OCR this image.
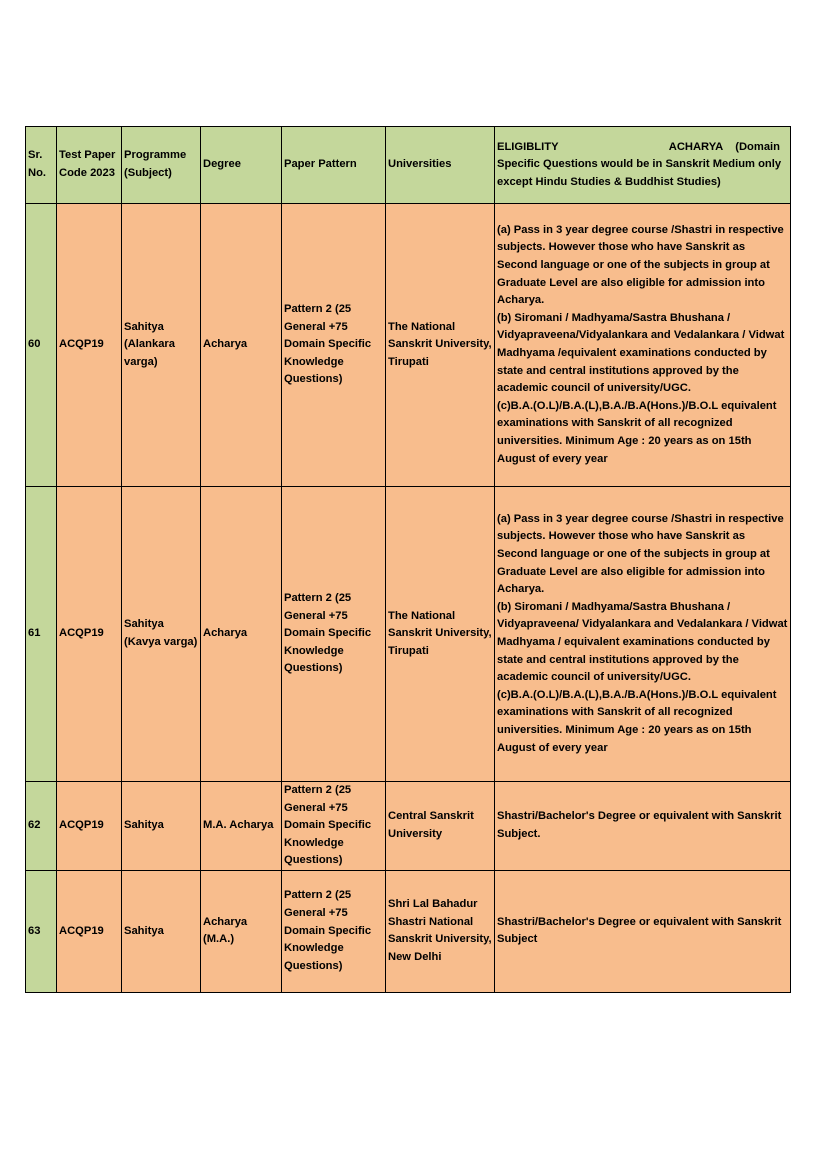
Sr. No.	Test Paper Code 2023	Programme (Subject)	Degree	Paper Pattern	Universities	ELIGIBLITY ACHARYA    (Domain
Specific Questions would be in Sanskrit Medium only except Hindu Studies & Buddhist Studies)

60	ACQP19	Sahitya (Alankara varga)	Acharya	Pattern 2 (25 General +75 Domain Specific Knowledge Questions)	The National Sanskrit University, Tirupati	(a) Pass in 3 year degree course /Shastri in respective subjects. However those who have Sanskrit as Second language or one of the subjects in group at Graduate Level are also eligible for admission into Acharya.
(b) Siromani / Madhyama/Sastra Bhushana / Vidyapraveena/Vidyalankara and Vedalankara / Vidwat Madhyama /equivalent examinations conducted by state and central institutions approved by the academic council of university/UGC.
(c)B.A.(O.L)/B.A.(L),B.A./B.A(Hons.)/B.O.L equivalent examinations with Sanskrit of all recognized universities. Minimum Age : 20 years as on 15th August of every year

61	ACQP19	Sahitya (Kavya varga)	Acharya	Pattern 2 (25 General +75 Domain Specific Knowledge Questions)	The National Sanskrit University, Tirupati	(a) Pass in 3 year degree course /Shastri in respective subjects. However those who have Sanskrit as Second language or one of the subjects in group at Graduate Level are also eligible for admission into Acharya.
(b) Siromani / Madhyama/Sastra Bhushana / Vidyapraveena/ Vidyalankara and Vedalankara / Vidwat Madhyama / equivalent examinations conducted by state and central institutions approved by the academic council of university/UGC.
(c)B.A.(O.L)/B.A.(L),B.A./B.A(Hons.)/B.O.L equivalent examinations with Sanskrit of all recognized universities. Minimum Age : 20 years as on 15th August of every year

62	ACQP19	Sahitya	M.A. Acharya	Pattern 2 (25 General +75 Domain Specific Knowledge Questions)	Central Sanskrit University	Shastri/Bachelor's Degree or equivalent with Sanskrit Subject.

63	ACQP19	Sahitya	Acharya (M.A.)	Pattern 2 (25 General +75 Domain Specific Knowledge Questions)	Shri Lal Bahadur Shastri National Sanskrit University, New Delhi	Shastri/Bachelor's Degree or equivalent with Sanskrit Subject
